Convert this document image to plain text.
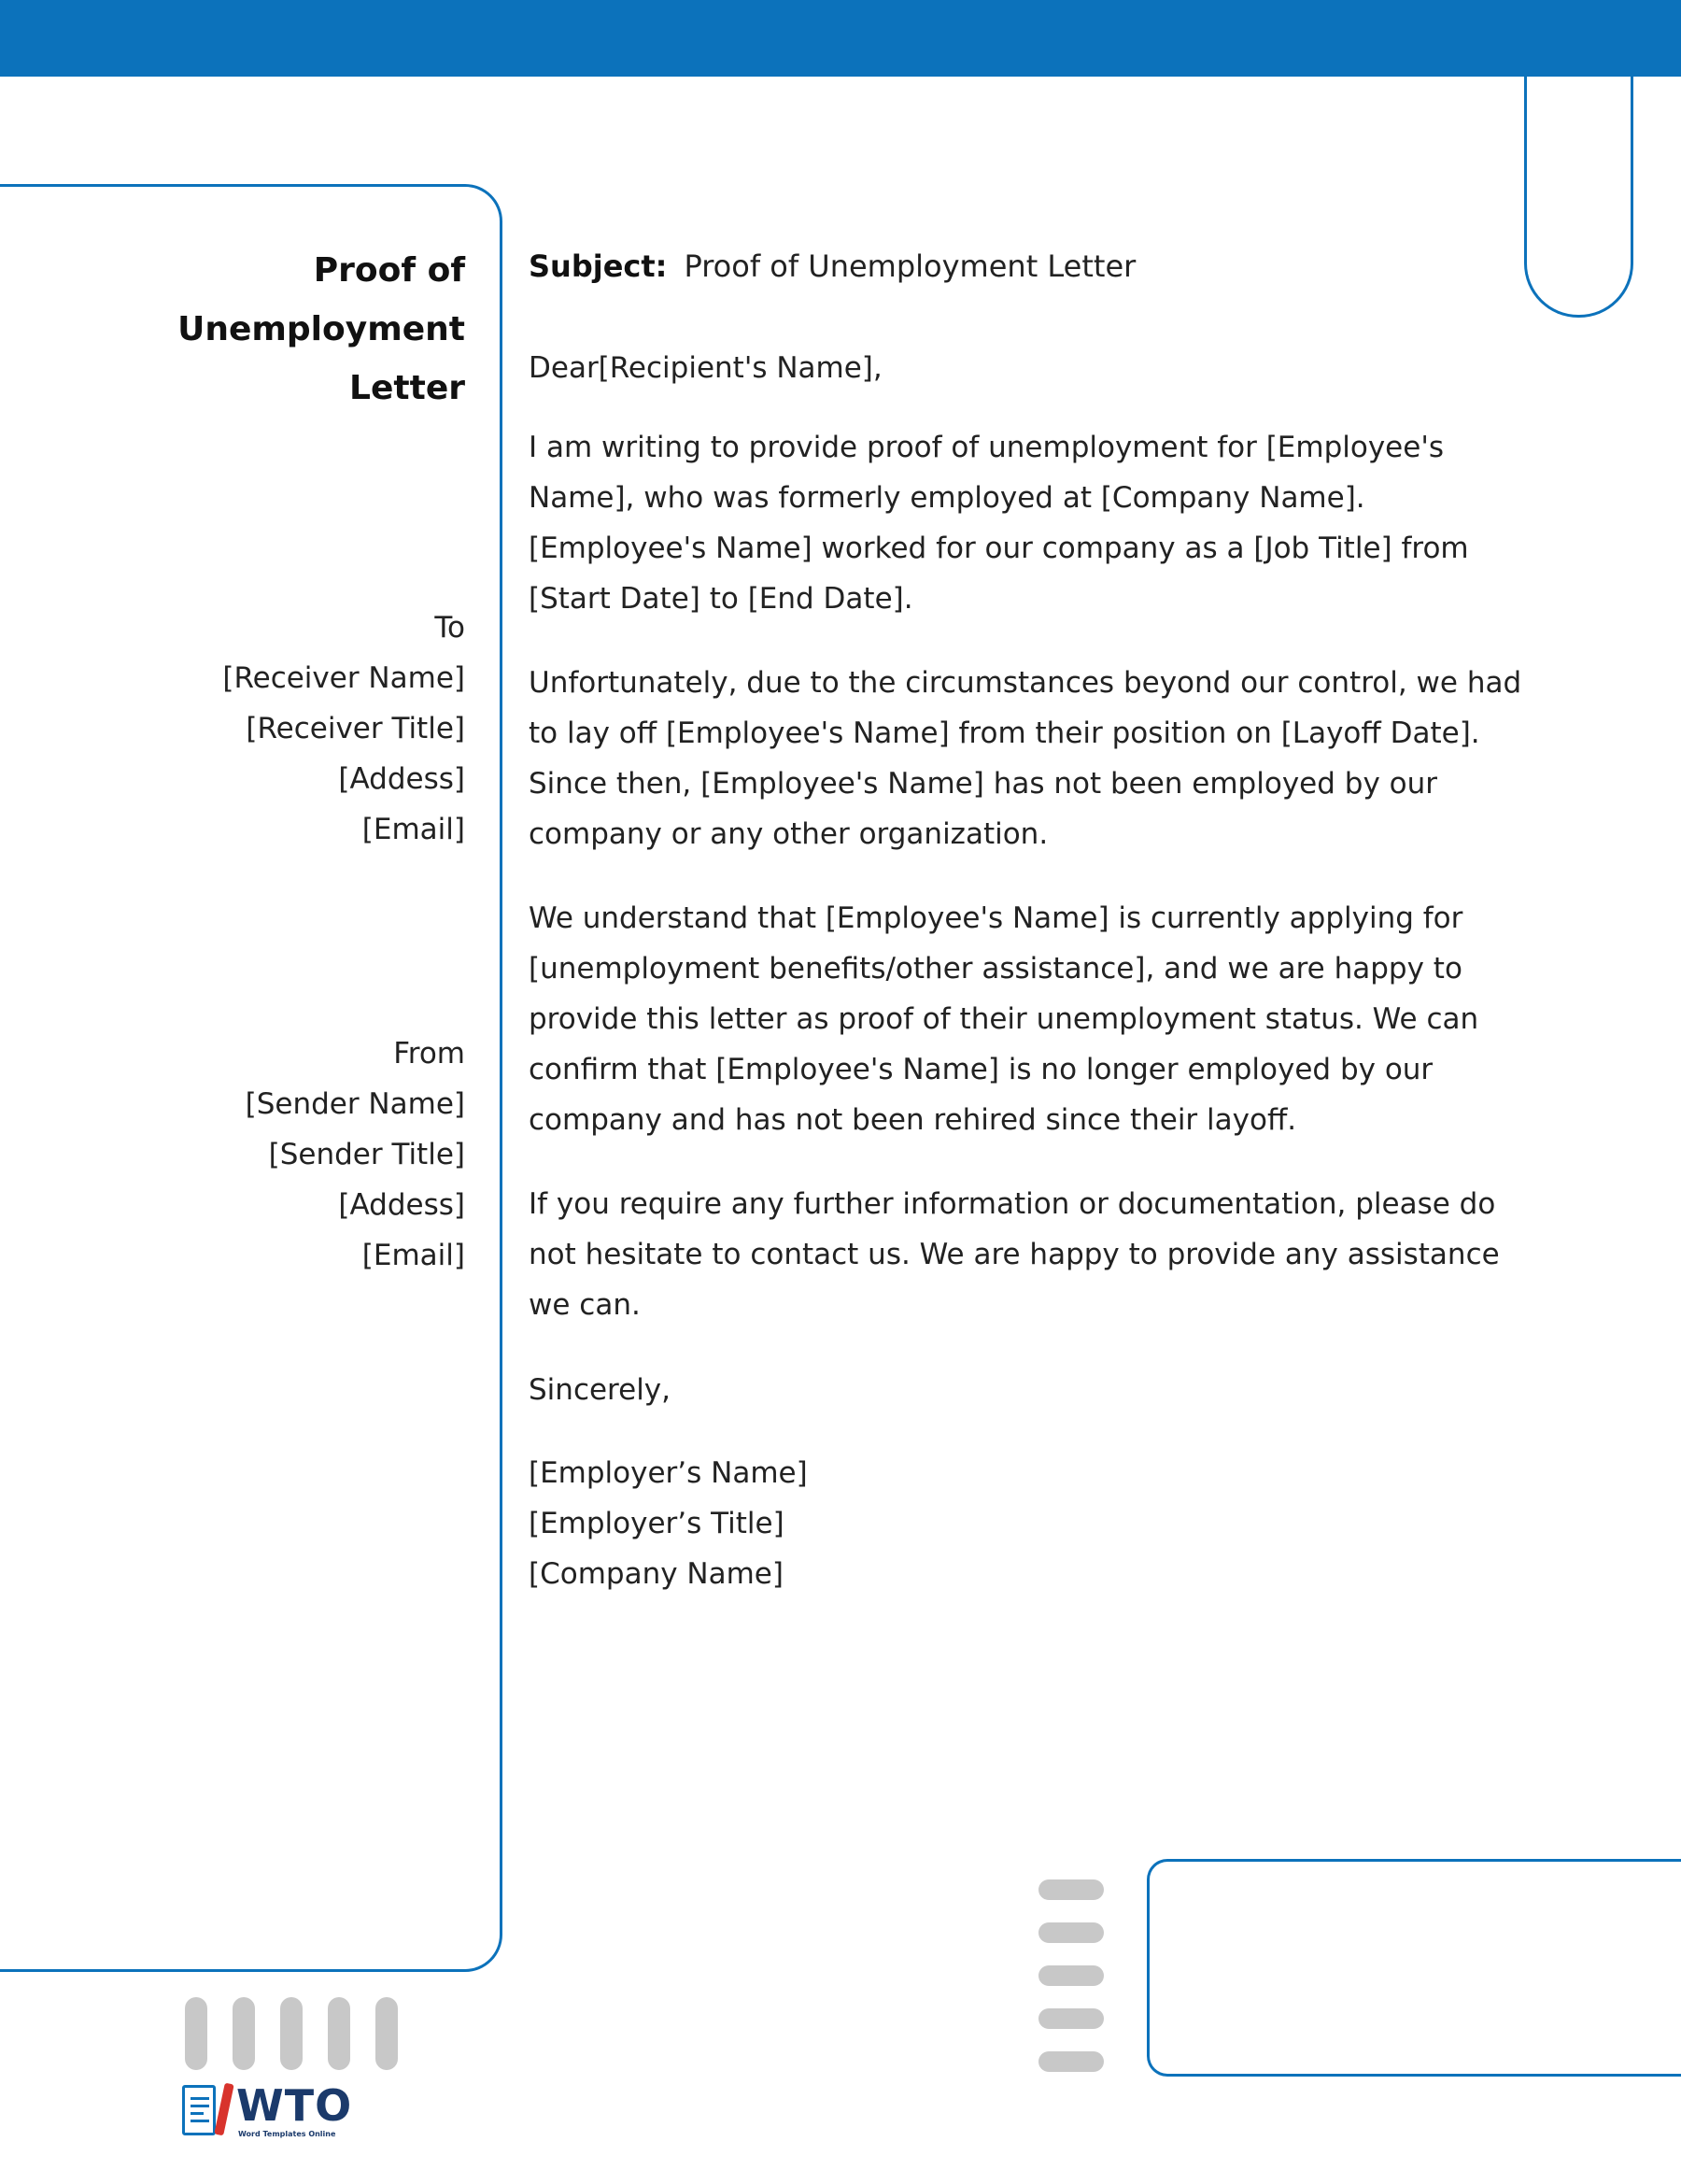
Proof of
Unemployment
Letter
To
[Receiver Name]
[Receiver Title]
[Addess]
[Email]
From
[Sender Name]
[Sender Title]
[Addess]
[Email]
Subject: Proof of Unemployment Letter

Dear[Recipient's Name],

I am writing to provide proof of unemployment for [Employee's Name], who was formerly employed at [Company Name]. [Employee's Name] worked for our company as a [Job Title] from [Start Date] to [End Date].

Unfortunately, due to the circumstances beyond our control, we had to lay off [Employee's Name] from their position on [Layoff Date]. Since then, [Employee's Name] has not been employed by our company or any other organization.

We understand that [Employee's Name] is currently applying for [unemployment benefits/other assistance], and we are happy to provide this letter as proof of their unemployment status. We can confirm that [Employee's Name] is no longer employed by our company and has not been rehired since their layoff.

If you require any further information or documentation, please do not hesitate to contact us. We are happy to provide any assistance we can.

Sincerely,

[Employer’s Name]
[Employer’s Title]
[Company Name]
WTO
Word Templates Online
